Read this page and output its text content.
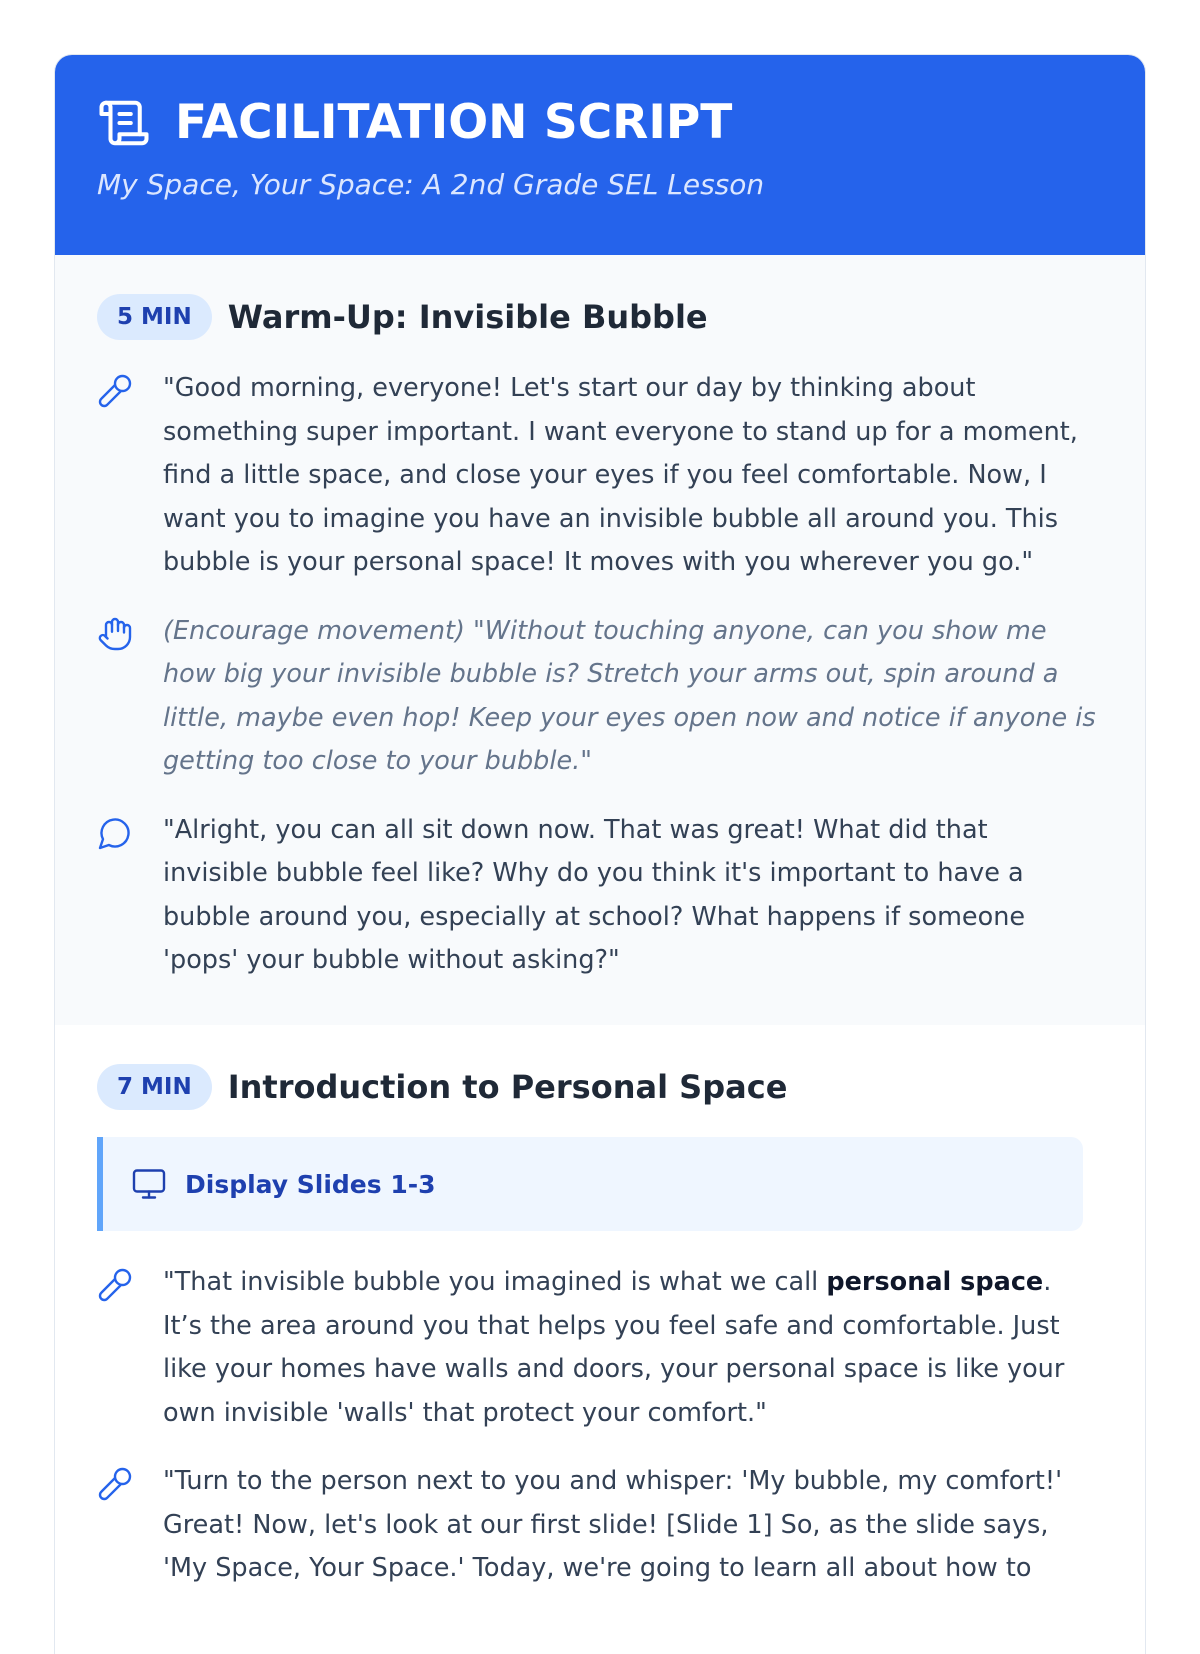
FACILITATION SCRIPT
My Space, Your Space: A 2nd Grade SEL Lesson
5 MIN	Warm-Up: Invisible Bubble
"Good morning, everyone! Let's start our day by thinking about something super important. I want everyone to stand up for a moment, find a little space, and close your eyes if you feel comfortable. Now, I want you to imagine you have an invisible bubble all around you. This bubble is your personal space! It moves with you wherever you go."
(Encourage movement) "Without touching anyone, can you show me how big your invisible bubble is? Stretch your arms out, spin around a little, maybe even hop! Keep your eyes open now and notice if anyone is getting too close to your bubble."
"Alright, you can all sit down now. That was great! What did that invisible bubble feel like? Why do you think it's important to have a bubble around you, especially at school? What happens if someone 'pops' your bubble without asking?"
7 MIN	Introduction to Personal Space
Display Slides 1-3
"That invisible bubble you imagined is what we call personal space. It’s the area around you that helps you feel safe and comfortable. Just like your homes have walls and doors, your personal space is like your own invisible 'walls' that protect your comfort."
"Turn to the person next to you and whisper: 'My bubble, my comfort!' Great! Now, let's look at our first slide! [Slide 1] So, as the slide says, 'My Space, Your Space.' Today, we're going to learn all about how to
